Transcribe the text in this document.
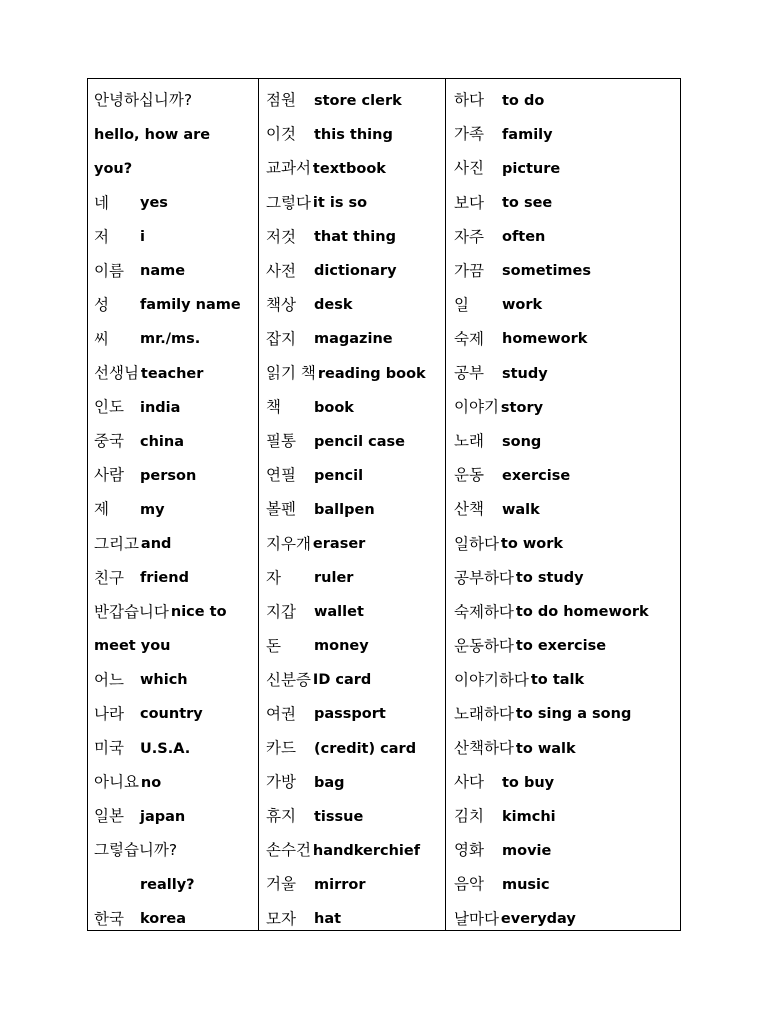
안녕하십니까?
hello, how are
you?
네	yes
저	i
이름	name
성	family name
씨	mr./ms.
선생님 teacher
인도	india
중국	china
사람	person
제	my
그리고 and
친구	friend
반갑습니다 nice to
meet you
어느	which
나라	country
미국	U.S.A.
아니요 no
일본	japan
그렇습니까?
really?
한국	korea
점원	store clerk
이것	this thing
교과서 textbook
그렇다 it is so
저것	that thing
사전	dictionary
책상	desk
잡지	magazine
읽기 책 reading book
책	book
필통	pencil case
연필	pencil
볼펜	ballpen
지우개 eraser
자	ruler
지갑	wallet
돈	money
신분증 ID card
여권	passport
카드	(credit) card
가방	bag
휴지	tissue
손수건 handkerchief
거울	mirror
모자	hat
하다	to do
가족	family
사진	picture
보다	to see
자주	often
가끔	sometimes
일	work
숙제	homework
공부	study
이야기 story
노래	song
운동	exercise
산책	walk
일하다 to work
공부하다 to study
숙제하다 to do homework
운동하다 to exercise
이야기하다 to talk
노래하다 to sing a song
산책하다 to walk
사다	to buy
김치	kimchi
영화	movie
음악	music
날마다 everyday
